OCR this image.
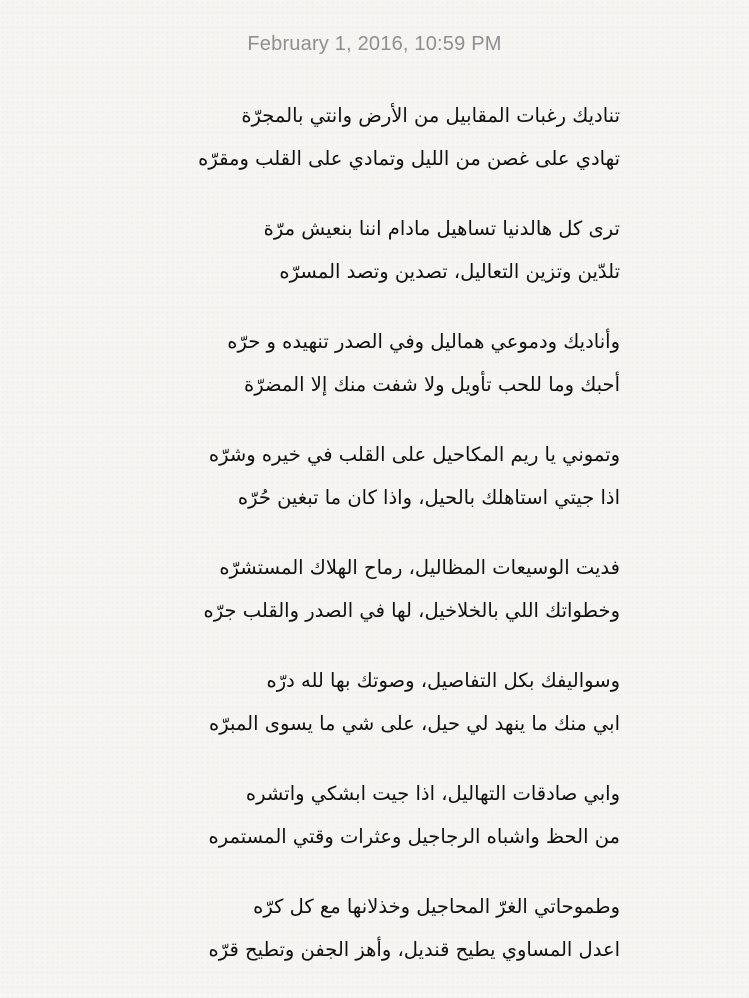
February 1, 2016, 10:59 PM
تناديك رغبات المقابيل من الأرض وانتي بالمجرّة
تهادي على غصن من الليل وتمادي على القلب ومقرّه
ترى كل هالدنيا تساهيل مادام اننا بنعيش مرّة
تلدّين وتزين التعاليل، تصدين وتصد المسرّه
وأناديك ودموعي هماليل وفي الصدر تنهيده و حرّه
أحبك وما للحب تأويل ولا شفت منك إلا المضرّة
وتموني يا ريم المكاحيل على القلب في خيره وشرّه
اذا جيتي استاهلك بالحيل، واذا كان ما تبغين حُرّه
فديت الوسيعات المظاليل، رماح الهلاك المستشرّه
وخطواتك اللي بالخلاخيل، لها في الصدر والقلب جرّه
وسواليفك بكل التفاصيل، وصوتك بها لله درّه
ابي منك ما ينهد لي حيل، على شي ما يسوى المبرّه
وابي صادقات التهاليل، اذا جيت ابشكي واتشره
من الحظ واشباه الرجاجيل وعثرات وقتي المستمره
وطموحاتي الغرّ المحاجيل وخذلانها مع كل كرّه
اعدل المساوي يطيح قنديل، وأهز الجفن وتطيح قرّه
